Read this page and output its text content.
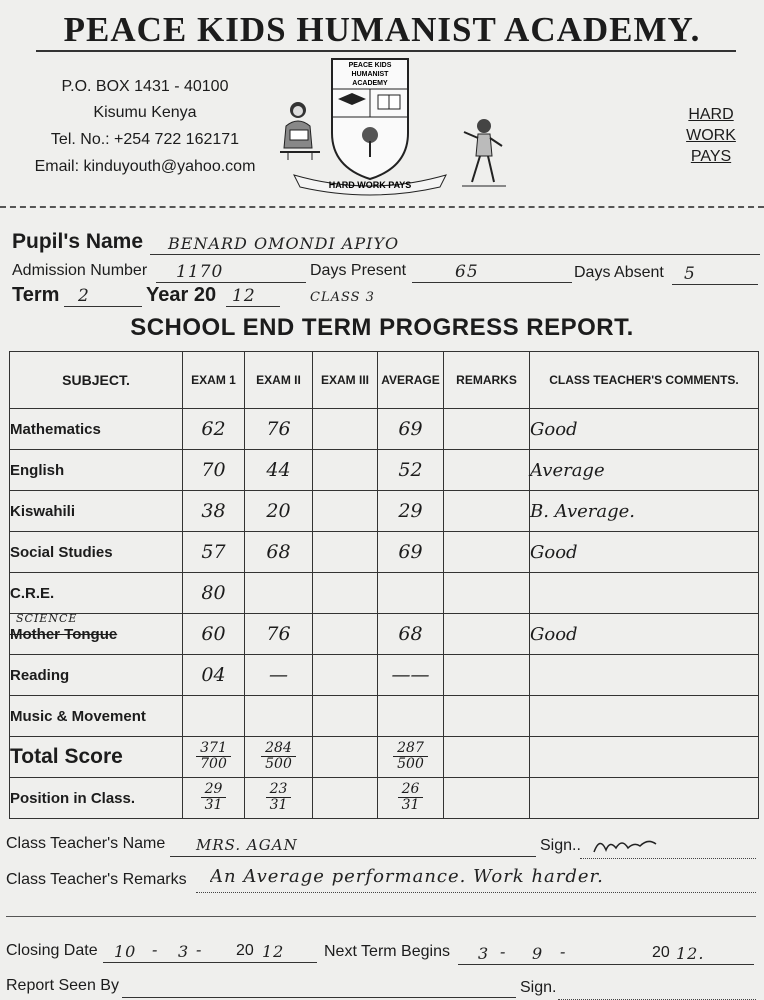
PEACE KIDS HUMANIST ACADEMY.
P.O. BOX 1431 - 40100
Kisumu Kenya
Tel. No.: +254 722 162171
Email: kinduyouth@yahoo.com
PEACE KIDS
HUMANIST
ACADEMY
HARD WORK PAYS
HARD
WORK
PAYS
Pupil's Name BENARD OMONDI APIYO
Admission Number 1170	Days Present	65	Days Absent 5
Term 2	Year 20 12	CLASS 3
SCHOOL END TERM PROGRESS REPORT.
SUBJECT.	EXAM 1	EXAM II	EXAM III	AVERAGE	REMARKS	CLASS TEACHER'S COMMENTS.
Mathematics	62	76		69		Good
English	70	44		52		Average
Kiswahili	38	20		29		B. Average.
Social Studies	57	68		69		Good
C.R.E.	80					

SCIENCE
Mother Tongue	60	76		68		Good
Reading	04	—		——		
Music & Movement						
Total Score	$\frac{371}{700}$	$\frac{284}{500}$		$\frac{287}{500}$

Position in Class.	$\frac{29}{31}$	$\frac{23}{31}$		$\frac{26}{31}$

Class Teacher's Name MRS. AGAN	Sign..
Class Teacher's Remarks An Average performance. Work harder.
Closing Date 10 - 3 - 20 12 Next Term Begins 3 - 9 -	20 12.
Report Seen By	Sign.
